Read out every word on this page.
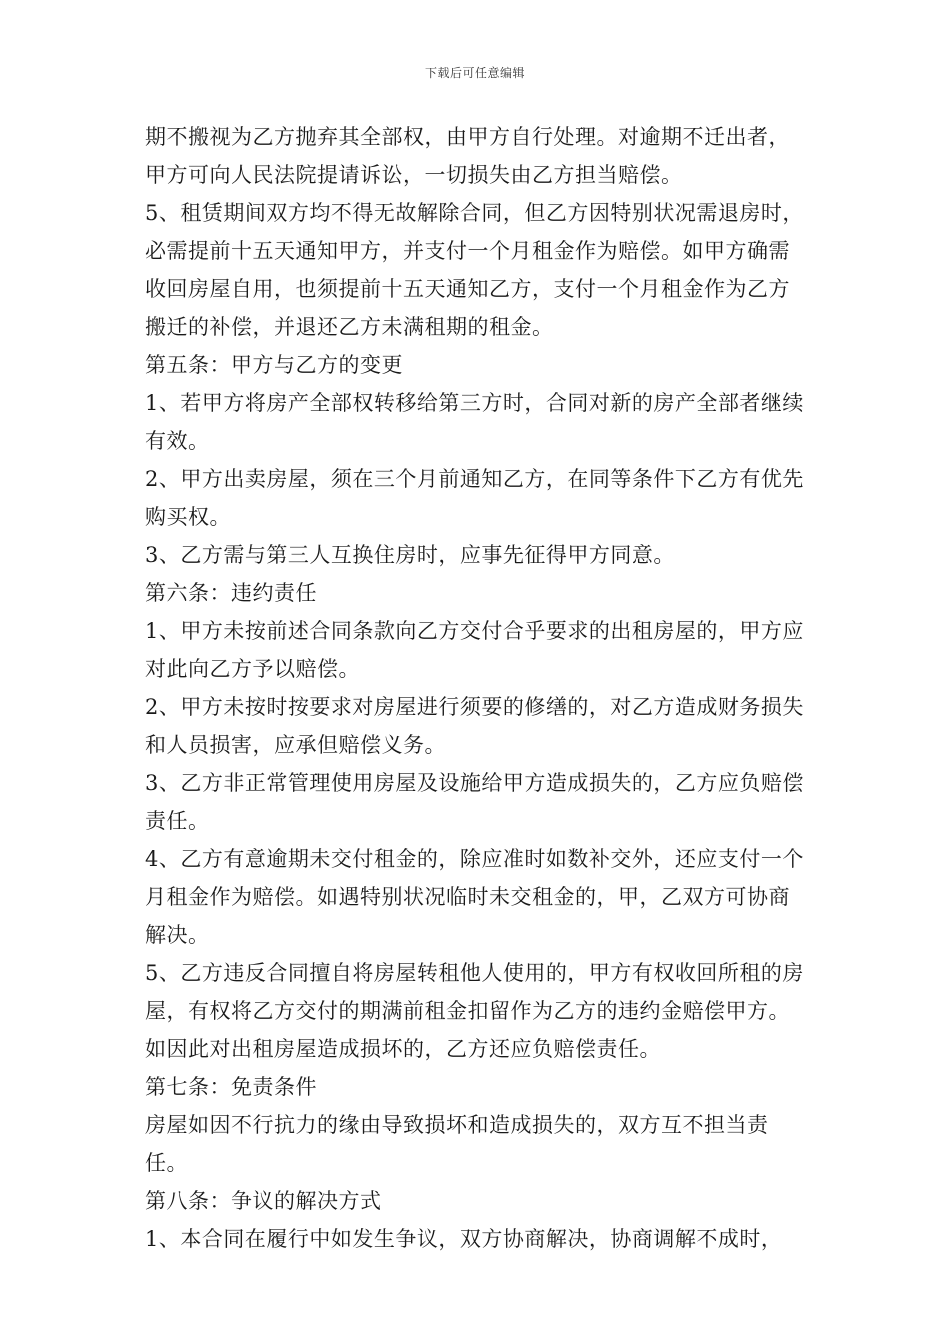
下载后可任意编辑

期不搬视为乙方抛弃其全部权，由甲方自行处理。对逾期不迁出者，甲方可向人民法院提请诉讼，一切损失由乙方担当赔偿。

5、租赁期间双方均不得无故解除合同，但乙方因特别状况需退房时，必需提前十五天通知甲方，并支付一个月租金作为赔偿。如甲方确需收回房屋自用，也须提前十五天通知乙方，支付一个月租金作为乙方搬迁的补偿，并退还乙方未满租期的租金。

第五条：甲方与乙方的变更

1、若甲方将房产全部权转移给第三方时，合同对新的房产全部者继续有效。

2、甲方出卖房屋，须在三个月前通知乙方，在同等条件下乙方有优先购买权。

3、乙方需与第三人互换住房时，应事先征得甲方同意。

第六条：违约责任

1、甲方未按前述合同条款向乙方交付合乎要求的出租房屋的，甲方应对此向乙方予以赔偿。

2、甲方未按时按要求对房屋进行须要的修缮的，对乙方造成财务损失和人员损害，应承但赔偿义务。

3、乙方非正常管理使用房屋及设施给甲方造成损失的，乙方应负赔偿责任。

4、乙方有意逾期未交付租金的，除应准时如数补交外，还应支付一个月租金作为赔偿。如遇特别状况临时未交租金的，甲，乙双方可协商解决。

5、乙方违反合同擅自将房屋转租他人使用的，甲方有权收回所租的房屋，有权将乙方交付的期满前租金扣留作为乙方的违约金赔偿甲方。如因此对出租房屋造成损坏的，乙方还应负赔偿责任。

第七条：免责条件

房屋如因不行抗力的缘由导致损坏和造成损失的，双方互不担当责任。

第八条：争议的解决方式

1、本合同在履行中如发生争议，双方协商解决，协商调解不成时，
